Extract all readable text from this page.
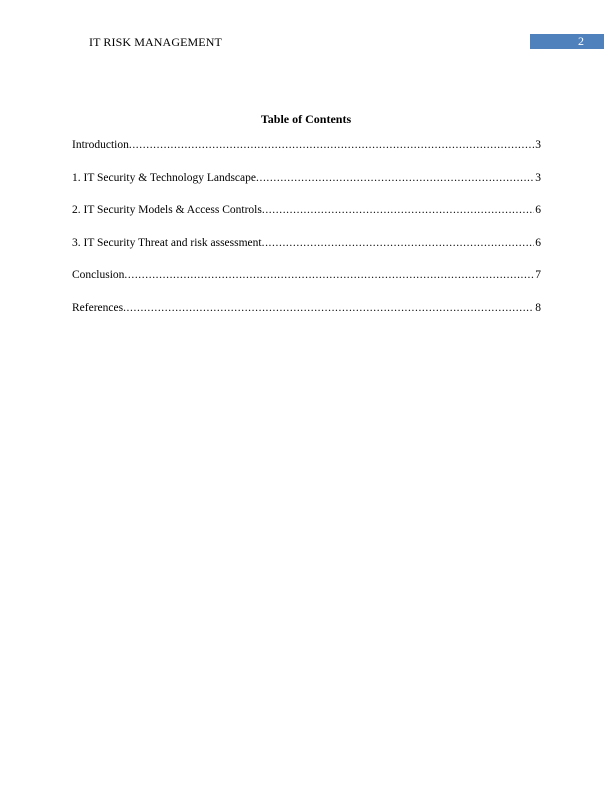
IT RISK MANAGEMENT	2
Table of Contents
Introduction .....	3
1. IT Security & Technology Landscape .....	3
2. IT Security Models & Access Controls .....	6
3. IT Security Threat and risk assessment .....	6
Conclusion .....	7
References .....	8
